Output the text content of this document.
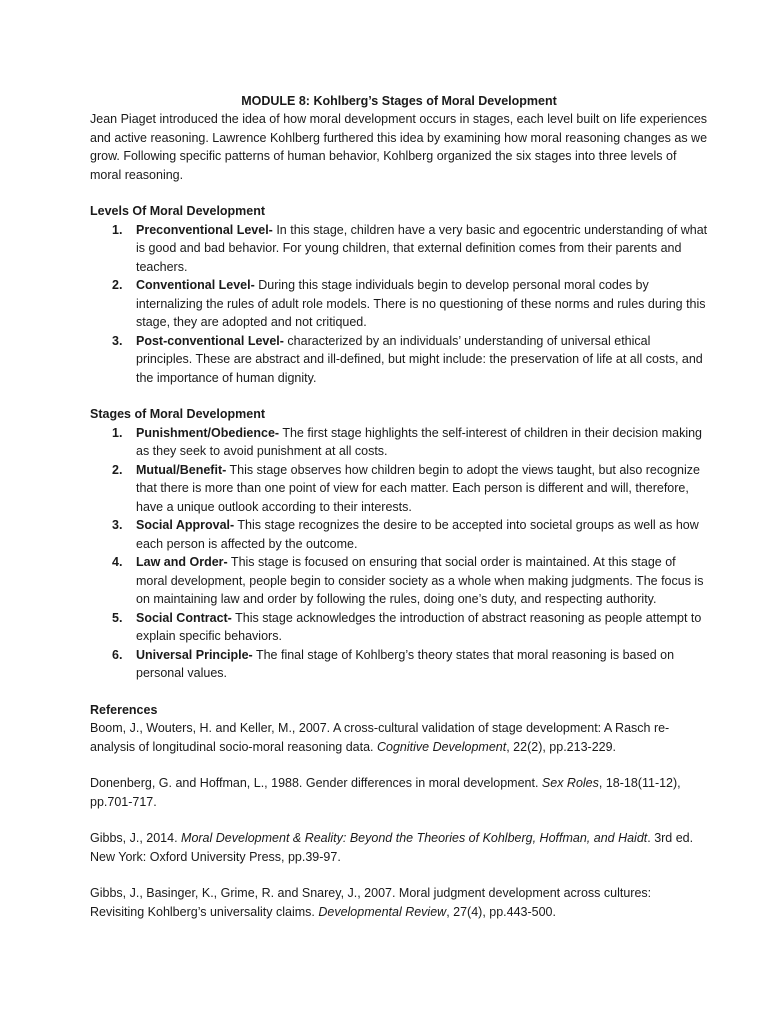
MODULE 8: Kohlberg’s Stages of Moral Development

Jean Piaget introduced the idea of how moral development occurs in stages, each level built on life experiences and active reasoning. Lawrence Kohlberg furthered this idea by examining how moral reasoning changes as we grow. Following specific patterns of human behavior, Kohlberg organized the six stages into three levels of moral reasoning.

Levels Of Moral Development

1. Preconventional Level- In this stage, children have a very basic and egocentric understanding of what is good and bad behavior. For young children, that external definition comes from their parents and teachers.
2. Conventional Level- During this stage individuals begin to develop personal moral codes by internalizing the rules of adult role models. There is no questioning of these norms and rules during this stage, they are adopted and not critiqued.
3. Post-conventional Level- characterized by an individuals’ understanding of universal ethical principles. These are abstract and ill-defined, but might include: the preservation of life at all costs, and the importance of human dignity.

Stages of Moral Development

1. Punishment/Obedience- The first stage highlights the self-interest of children in their decision making as they seek to avoid punishment at all costs.
2. Mutual/Benefit- This stage observes how children begin to adopt the views taught, but also recognize that there is more than one point of view for each matter. Each person is different and will, therefore, have a unique outlook according to their interests.
3. Social Approval- This stage recognizes the desire to be accepted into societal groups as well as how each person is affected by the outcome.
4. Law and Order- This stage is focused on ensuring that social order is maintained. At this stage of moral development, people begin to consider society as a whole when making judgments. The focus is on maintaining law and order by following the rules, doing one’s duty, and respecting authority.
5. Social Contract- This stage acknowledges the introduction of abstract reasoning as people attempt to explain specific behaviors.
6. Universal Principle- The final stage of Kohlberg’s theory states that moral reasoning is based on personal values.

References

Boom, J., Wouters, H. and Keller, M., 2007. A cross-cultural validation of stage development: A Rasch re-analysis of longitudinal socio-moral reasoning data. Cognitive Development, 22(2), pp.213-229.

Donenberg, G. and Hoffman, L., 1988. Gender differences in moral development. Sex Roles, 18-18(11-12), pp.701-717.

Gibbs, J., 2014. Moral Development & Reality: Beyond the Theories of Kohlberg, Hoffman, and Haidt. 3rd ed. New York: Oxford University Press, pp.39-97.

Gibbs, J., Basinger, K., Grime, R. and Snarey, J., 2007. Moral judgment development across cultures: Revisiting Kohlberg’s universality claims. Developmental Review, 27(4), pp.443-500.
